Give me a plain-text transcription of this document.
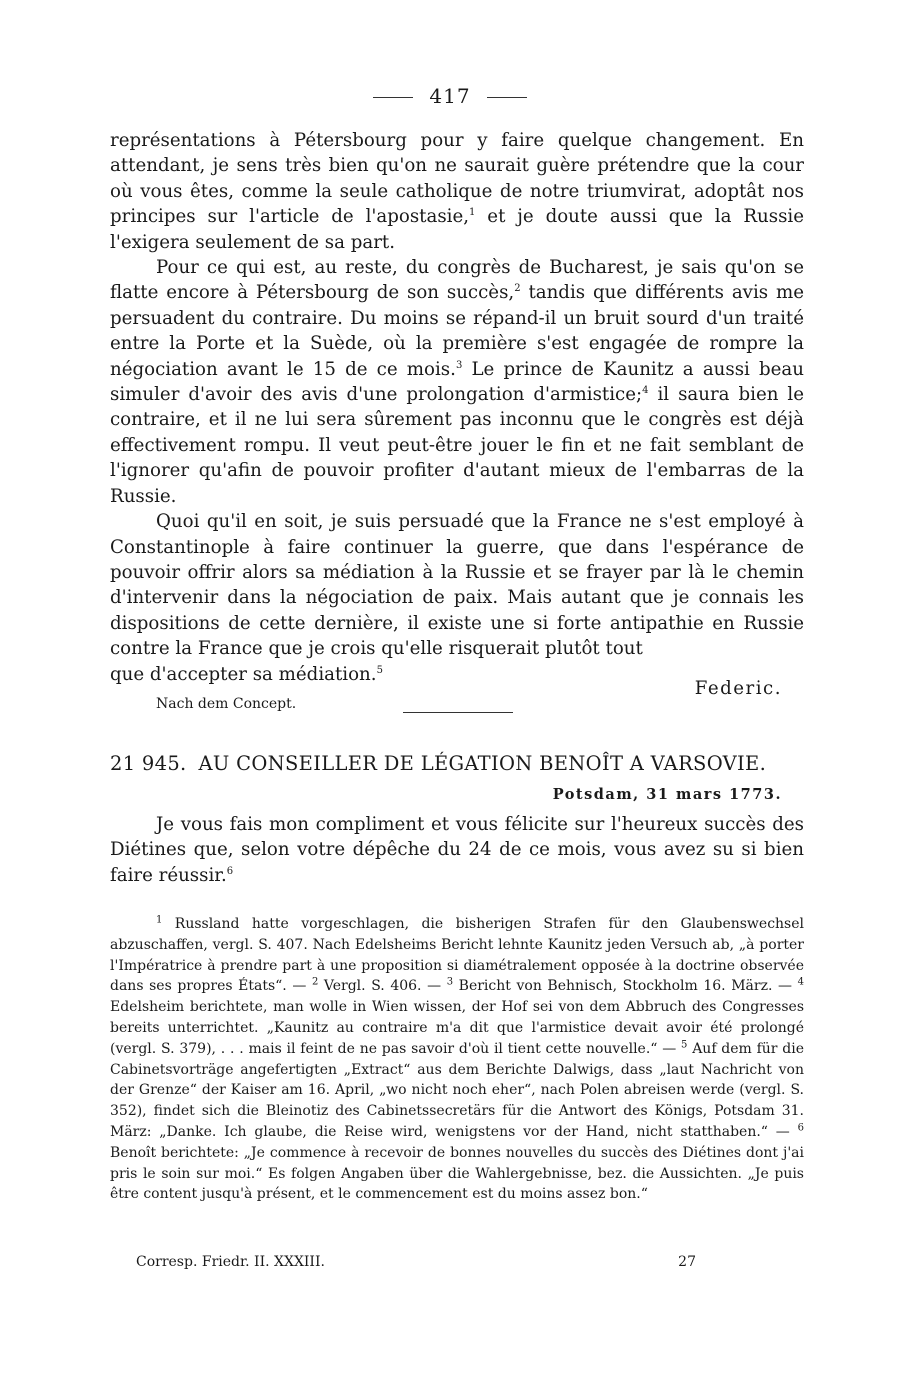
417

représentations à Pétersbourg pour y faire quelque changement. En attendant, je sens très bien qu'on ne saurait guère prétendre que la cour où vous êtes, comme la seule catholique de notre triumvirat, adoptât nos principes sur l'article de l'apostasie,$^1$ et je doute aussi que la Russie l'exigera seulement de sa part.

Pour ce qui est, au reste, du congrès de Bucharest, je sais qu'on se flatte encore à Pétersbourg de son succès,$^2$ tandis que différents avis me persuadent du contraire. Du moins se répand-il un bruit sourd d'un traité entre la Porte et la Suède, où la première s'est engagée de rompre la négociation avant le 15 de ce mois.$^3$ Le prince de Kaunitz a aussi beau simuler d'avoir des avis d'une prolongation d'armistice;$^4$ il saura bien le contraire, et il ne lui sera sûrement pas inconnu que le congrès est déjà effectivement rompu. Il veut peut-être jouer le fin et ne fait semblant de l'ignorer qu'afin de pouvoir profiter d'autant mieux de l'embarras de la Russie.

Quoi qu'il en soit, je suis persuadé que la France ne s'est employé à Constantinople à faire continuer la guerre, que dans l'espérance de pouvoir offrir alors sa médiation à la Russie et se frayer par là le chemin d'intervenir dans la négociation de paix. Mais autant que je connais les dispositions de cette dernière, il existe une si forte antipathie en Russie contre la France que je crois qu'elle risquerait plutôt tout

que d'accepter sa médiation.$^5$
Federic.
Nach dem Concept.
21 945. AU CONSEILLER DE LÉGATION BENOÎT A VARSOVIE.
Potsdam, 31 mars 1773.

Je vous fais mon compliment et vous félicite sur l'heureux succès des Diétines que, selon votre dépêche du 24 de ce mois, vous avez su si bien faire réussir.$^6$

$^1$ Russland hatte vorgeschlagen, die bisherigen Strafen für den Glaubenswechsel abzuschaffen, vergl. S. 407. Nach Edelsheims Bericht lehnte Kaunitz jeden Versuch ab, „à porter l'Impératrice à prendre part à une proposition si diamétralement opposée à la doctrine observée dans ses propres États“. — $^2$ Vergl. S. 406. — $^3$ Bericht von Behnisch, Stockholm 16. März. — $^4$ Edelsheim berichtete, man wolle in Wien wissen, der Hof sei von dem Abbruch des Congresses bereits unterrichtet. „Kaunitz au contraire m'a dit que l'armistice devait avoir été prolongé (vergl. S. 379), . . . mais il feint de ne pas savoir d'où il tient cette nouvelle.“ — $^5$ Auf dem für die Cabinetsvorträge angefertigten „Extract“ aus dem Berichte Dalwigs, dass „laut Nachricht von der Grenze“ der Kaiser am 16. April, „wo nicht noch eher“, nach Polen abreisen werde (vergl. S. 352), findet sich die Bleinotiz des Cabinetssecretärs für die Antwort des Königs, Potsdam 31. März: „Danke. Ich glaube, die Reise wird, wenigstens vor der Hand, nicht statthaben.“ — $^6$ Benoît berichtete: „Je commence à recevoir de bonnes nouvelles du succès des Diétines dont j'ai pris le soin sur moi.“ Es folgen Angaben über die Wahlergebnisse, bez. die Aussichten. „Je puis être content jusqu'à présent, et le commencement est du moins assez bon.“

Corresp. Friedr. II. XXXIII.	27
